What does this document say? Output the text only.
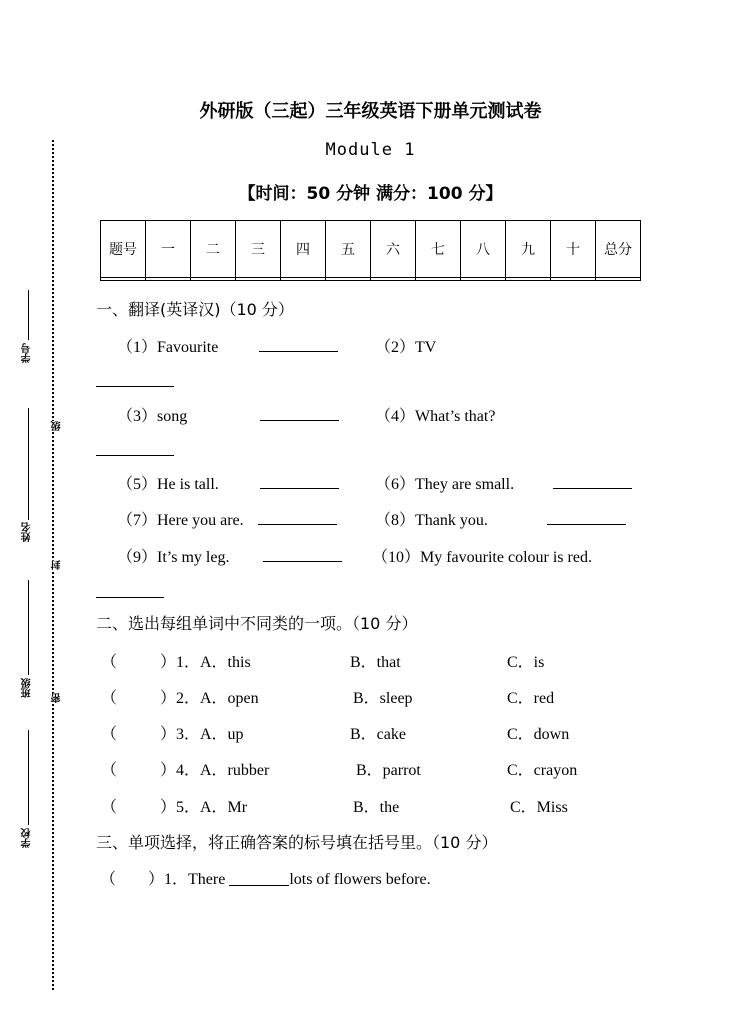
学号
姓名
班级
学校
级
封
密
外研版（三起）三年级英语下册单元测试卷
Module 1
【时间：50 分钟 满分：100 分】
题号	一	二	三	四	五	六	七	八	九	十	总分

一、翻译(英译汉)（10 分）
（1）Favourite	（2）TV
（3）song	（4）What’s that?
（5）He is tall.	（6）They are small.
（7）Here you are.	（8）Thank you.
（9）It’s my leg.	（10）My favourite colour is red.
二、选出每组单词中不同类的一项。（10 分）
（	）1．A．this	B．that	C．is
（	）2．A．open	B．sleep	C．red
（	）3．A．up	B．cake	C．down
（	）4．A．rubber	B．parrot	C．crayon
（	）5．A．Mr	B．the	C．Miss
三、单项选择，将正确答案的标号填在括号里。（10 分）
（　　）1．There	lots of flowers before.
